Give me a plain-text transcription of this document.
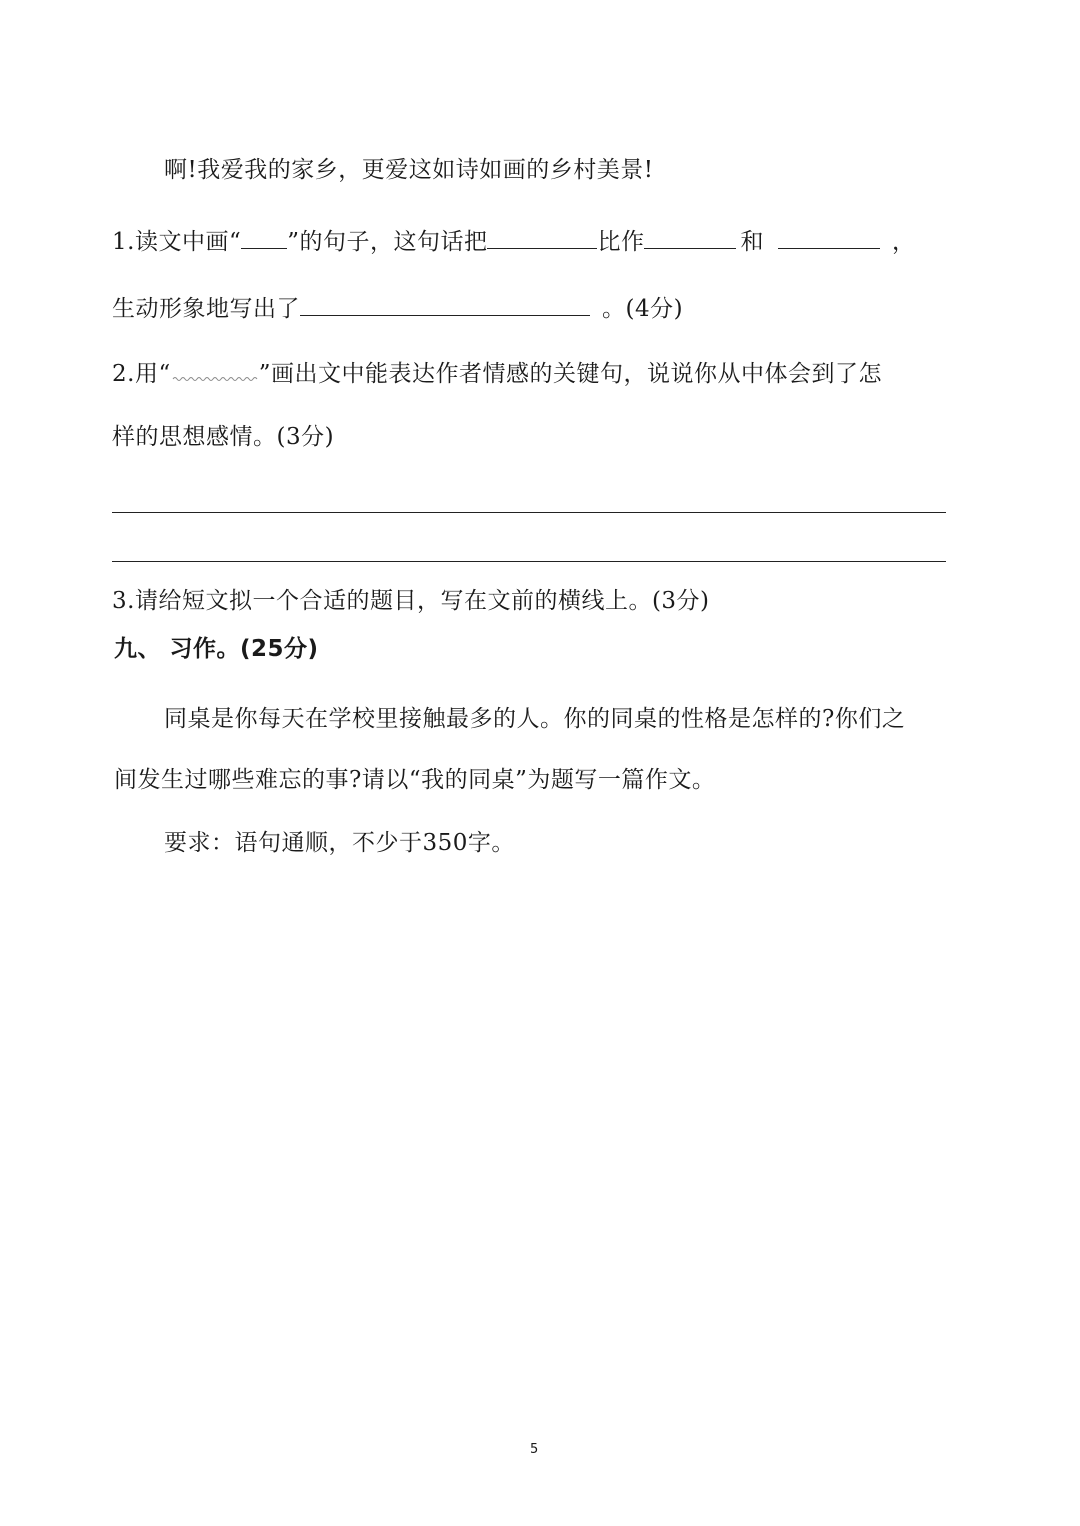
啊!我爱我的家乡，更爱这如诗如画的乡村美景!
1.读文中画“ ”的句子，这句话把	比作	和	，
生动形象地写出了	。(4分)
2.用“	”画出文中能表达作者情感的关键句，说说你从中体会到了怎
样的思想感情。(3分)
3.请给短文拟一个合适的题目，写在文前的横线上。(3分)
九、 习作。(25分)
同桌是你每天在学校里接触最多的人。你的同桌的性格是怎样的?你们之
间发生过哪些难忘的事?请以“我的同桌”为题写一篇作文。
要求：语句通顺，不少于350字。
5
